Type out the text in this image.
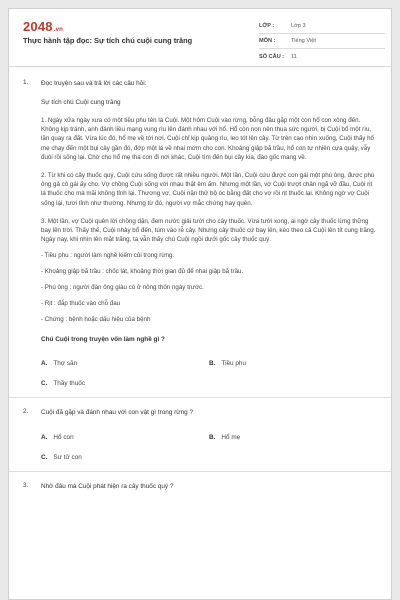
2048.vn
Thực hành tập đọc: Sự tích chú cuội cung trăng
LỚP :	Lớp 3
MÔN :	Tiếng Việt
SỐ CÂU :	11
1. Đọc truyện sau và trả lời các câu hỏi:
Sự tích chú Cuội cung trăng
1. Ngày xửa ngày xưa có một tiều phu tên là Cuội. Một hôm Cuội vào rừng, bỗng đâu gặp một con hổ con xông đến. Không kịp tránh, anh đánh liều mạng vung rìu lên đánh nhau với hổ. Hổ còn non nên thua sức người, bị Cuội bổ một rìu, lăn quay ra đất. Vừa lúc đó, hổ mẹ về tới nơi. Cuội chỉ kịp quăng rìu, leo tót lên cây. Từ trên cao nhìn xuống, Cuội thấy hổ mẹ chạy đến một bụi cây gần đó, đớp một lá về nhai mớm cho con. Khoảng giập bã trầu, hổ con tự nhiên cựa quậy, vẫy đuôi rồi sống lại. Chờ cho hổ mẹ tha con đi nơi khác, Cuội tìm đến bụi cây kia, đào gốc mang về.
2. Từ khi có cây thuốc quý, Cuội cứu sống được rất nhiều người. Một lần, Cuội cứu được con gái một phú ông, được phú ông gả cô gái ấy cho. Vợ chồng Cuội sống với nhau thật êm ấm. Nhưng một lần, vợ Cuội trượt chân ngã vỡ đầu, Cuội rịt lá thuốc cho mà mãi không tỉnh lại. Thương vợ, Cuội nặn thử bộ óc bằng đất cho vợ rồi rịt thuốc lại. Không ngờ vợ Cuội sống lại, tươi tỉnh như thường. Nhưng từ đó, người vợ mắc chứng hay quên.
3. Một lần, vợ Cuội quên lời chồng dặn, đem nước giải tưới cho cây thuốc. Vừa tưới xong, ai ngờ cây thuốc lừng thững bay lên trời. Thấy thế, Cuội nhảy bổ đến, túm vào rễ cây. Nhưng cây thuốc cứ bay lên, kéo theo cả Cuội lên tít cung trăng. Ngày nay, khi nhìn lên mặt trăng, ta vẫn thấy chú Cuội ngồi dưới gốc cây thuốc quý.
- Tiều phu : người làm nghề kiếm củi trong rừng.
- Khoảng giập bã trầu : chốc lát, khoảng thời gian đủ để nhai giập bã trầu.
- Phú ông : người đàn ông giàu có ở nông thôn ngày trước.
- Rịt : đắp thuốc vào chỗ đau
- Chứng : bệnh hoặc dấu hiệu của bệnh
Chú Cuội trong truyện vốn làm nghề gì ?
A. Thợ săn	B. Tiều phu
C. Thầy thuốc
2. Cuội đã gặp và đánh nhau với con vật gì trong rừng ?
A. Hổ con	B. Hổ mẹ
C. Sư tử con
3. Nhờ đâu mà Cuội phát hiện ra cây thuốc quý ?
